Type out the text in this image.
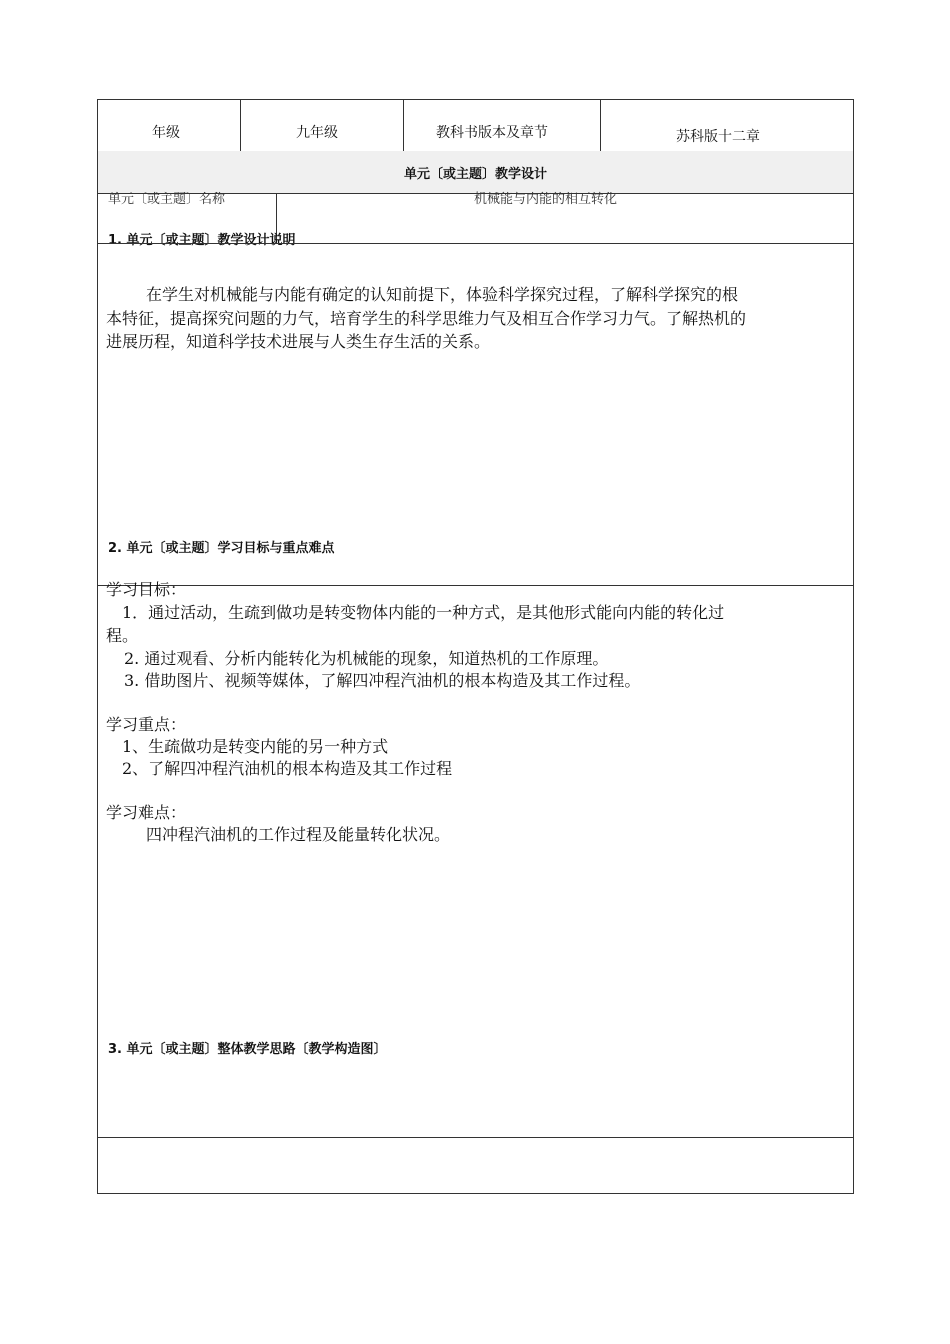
年级	九年级	教科书版本及章节	苏科版十二章
单元〔或主题〕教学设计
单元〔或主题〕名称	机械能与内能的相互转化
1. 单元〔或主题〕教学设计说明
在学生对机械能与内能有确定的认知前提下，体验科学探究过程，了解科学探究的根
本特征，提高探究问题的力气，培育学生的科学思维力气及相互合作学习力气。了解热机的
进展历程，知道科学技术进展与人类生存生活的关系。
2. 单元〔或主题〕学习目标与重点难点
学习目标：
1．通过活动，生疏到做功是转变物体内能的一种方式，是其他形式能向内能的转化过
程。
2. 通过观看、分析内能转化为机械能的现象，知道热机的工作原理。
3. 借助图片、视频等媒体，了解四冲程汽油机的根本构造及其工作过程。
学习重点：
1、生疏做功是转变内能的另一种方式
2、了解四冲程汽油机的根本构造及其工作过程
学习难点：
四冲程汽油机的工作过程及能量转化状况。
3. 单元〔或主题〕整体教学思路〔教学构造图〕
